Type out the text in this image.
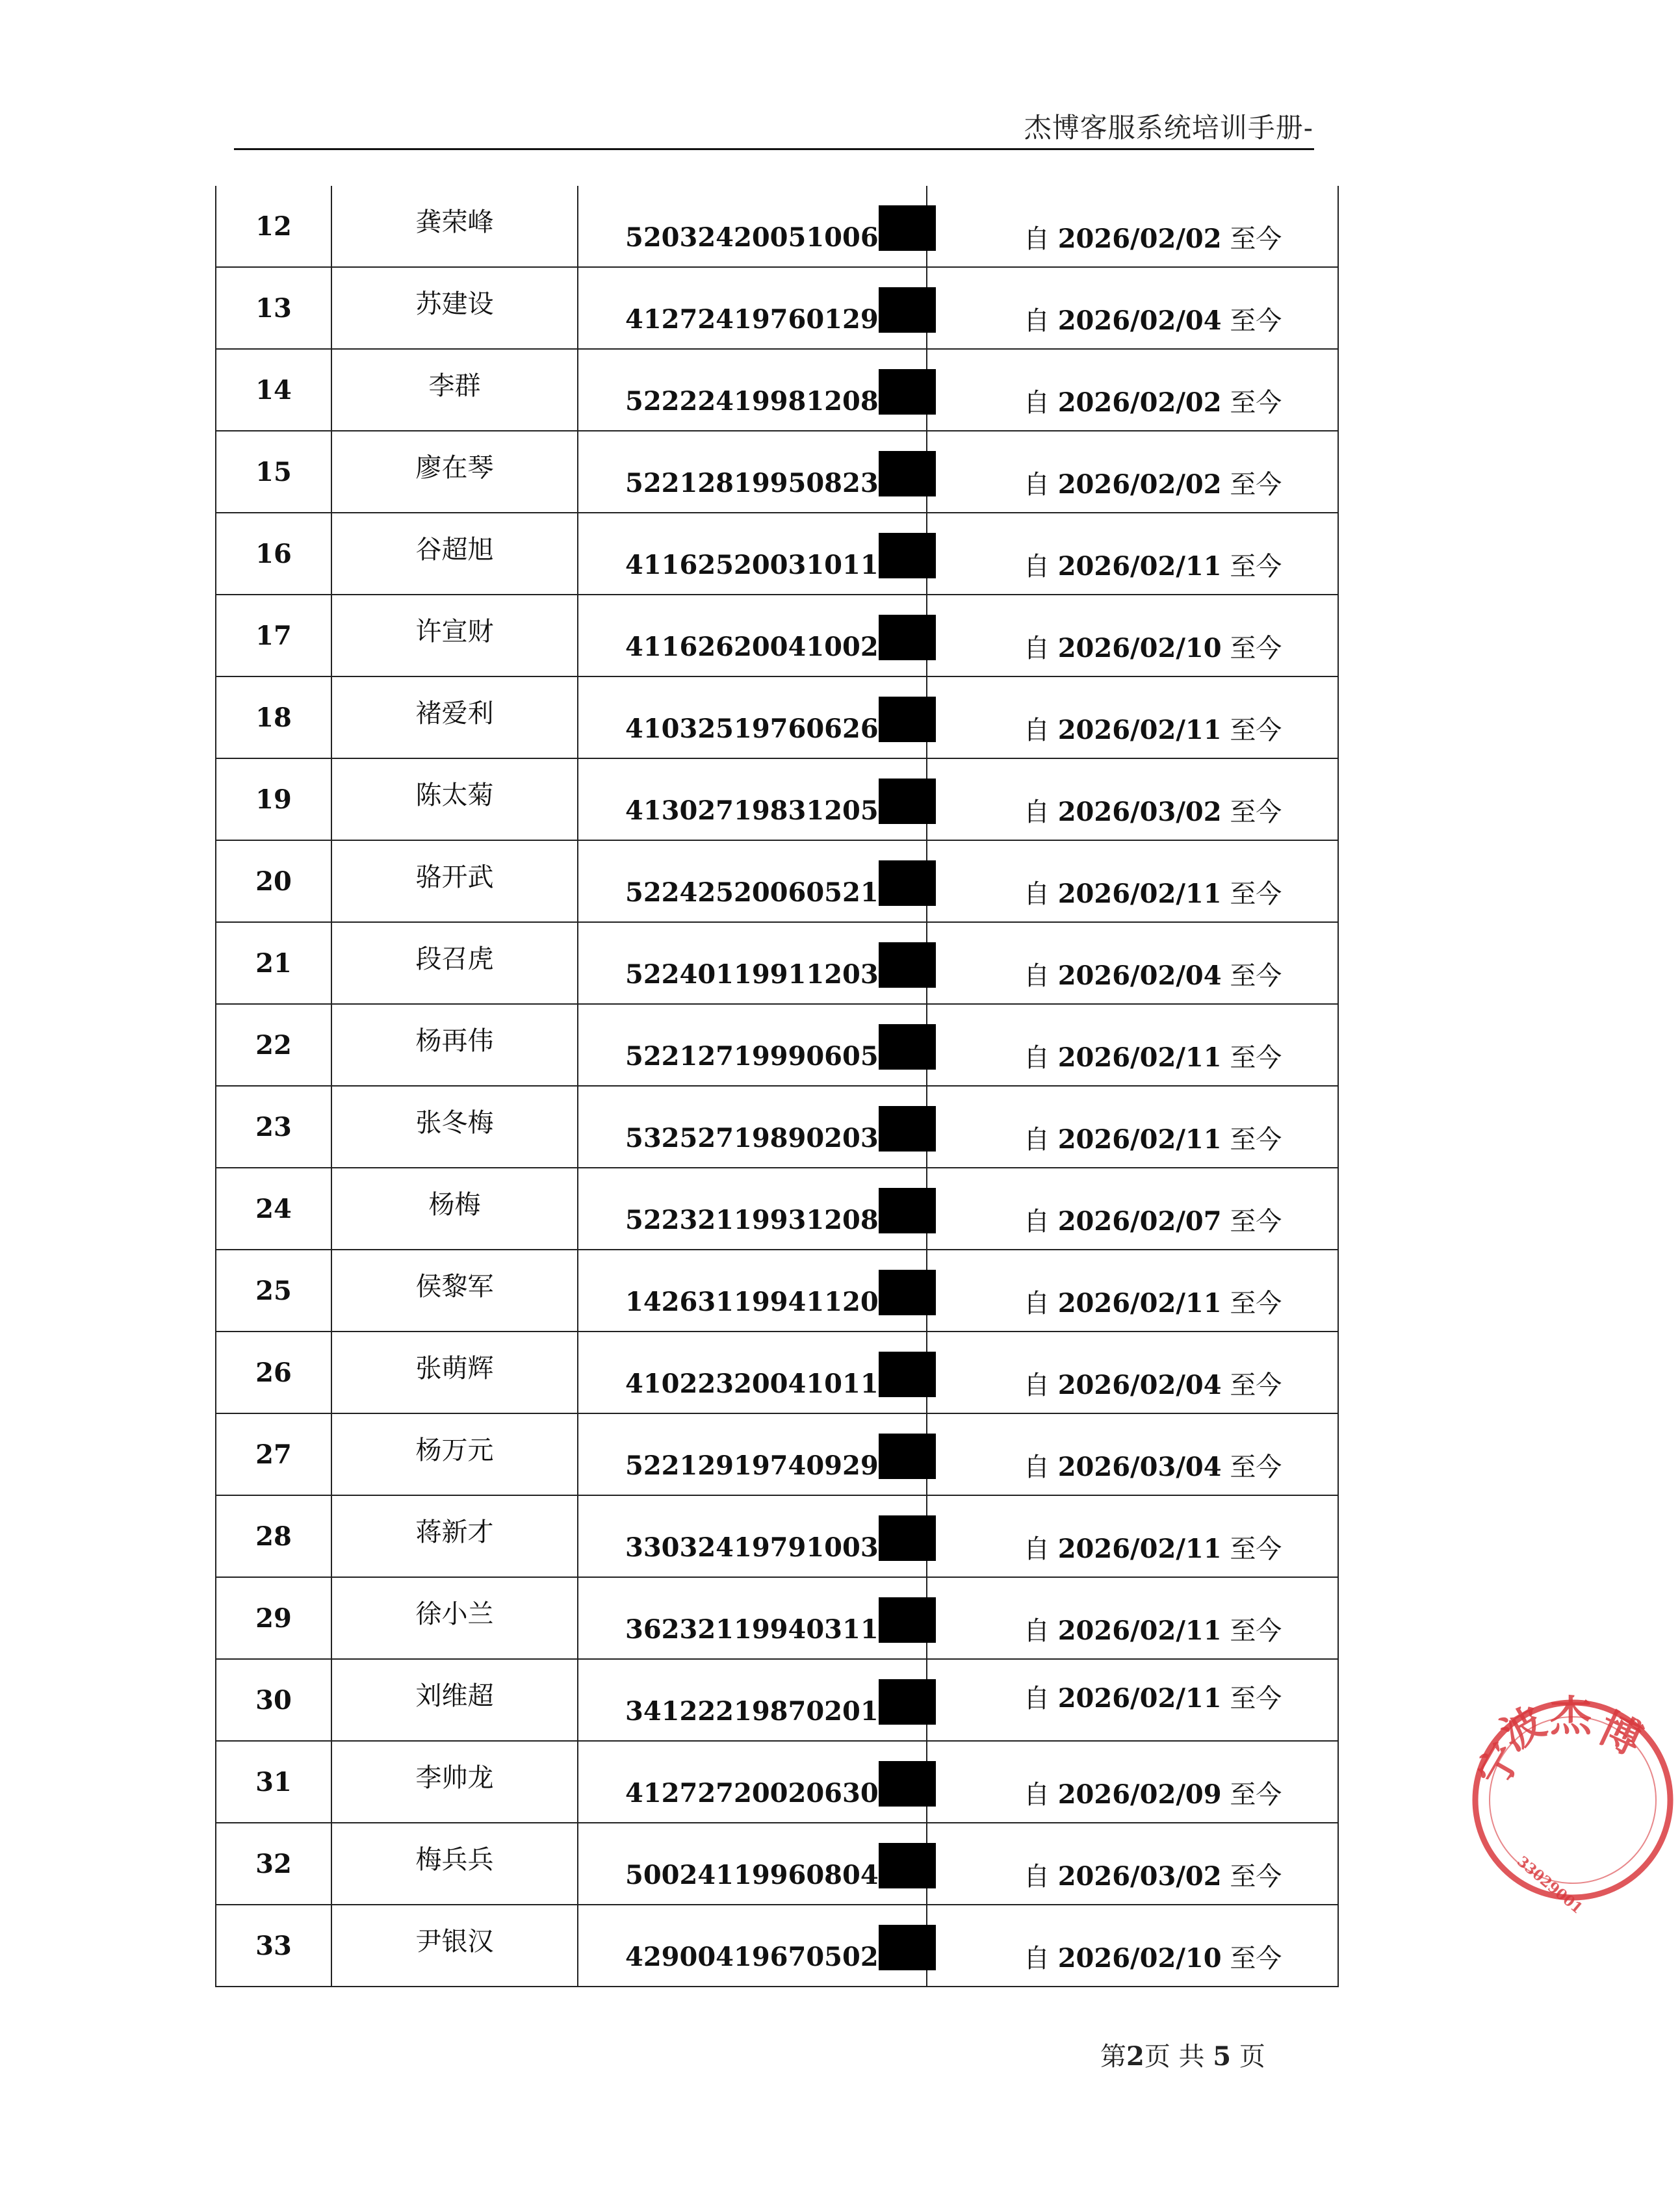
杰博客服系统培训手册-
12	龚荣峰	52032420051006	自 2026/02/02 至今

13	苏建设	41272419760129	自 2026/02/04 至今

14	李群	52222419981208	自 2026/02/02 至今

15	廖在琴	52212819950823	自 2026/02/02 至今

16	谷超旭	41162520031011	自 2026/02/11 至今

17	许宣财	41162620041002	自 2026/02/10 至今

18	褚爱利	41032519760626	自 2026/02/11 至今

19	陈太菊	41302719831205	自 2026/03/02 至今

20	骆开武	52242520060521	自 2026/02/11 至今

21	段召虎	52240119911203	自 2026/02/04 至今

22	杨再伟	52212719990605	自 2026/02/11 至今

23	张冬梅	53252719890203	自 2026/02/11 至今

24	杨梅	52232119931208	自 2026/02/07 至今

25	侯黎军	14263119941120	自 2026/02/11 至今

26	张萌辉	41022320041011	自 2026/02/04 至今

27	杨万元	52212919740929	自 2026/03/04 至今

28	蒋新才	33032419791003	自 2026/02/11 至今

29	徐小兰	36232119940311	自 2026/02/11 至今

30	刘维超	34122219870201	自 2026/02/11 至今

31	李帅龙	41272720020630	自 2026/02/09 至今

32	梅兵兵	50024119960804	自 2026/03/02 至今

33	尹银汉	42900419670502	自 2026/02/10 至今
第2页 共 5 页
宁
波
杰 博
33029001
